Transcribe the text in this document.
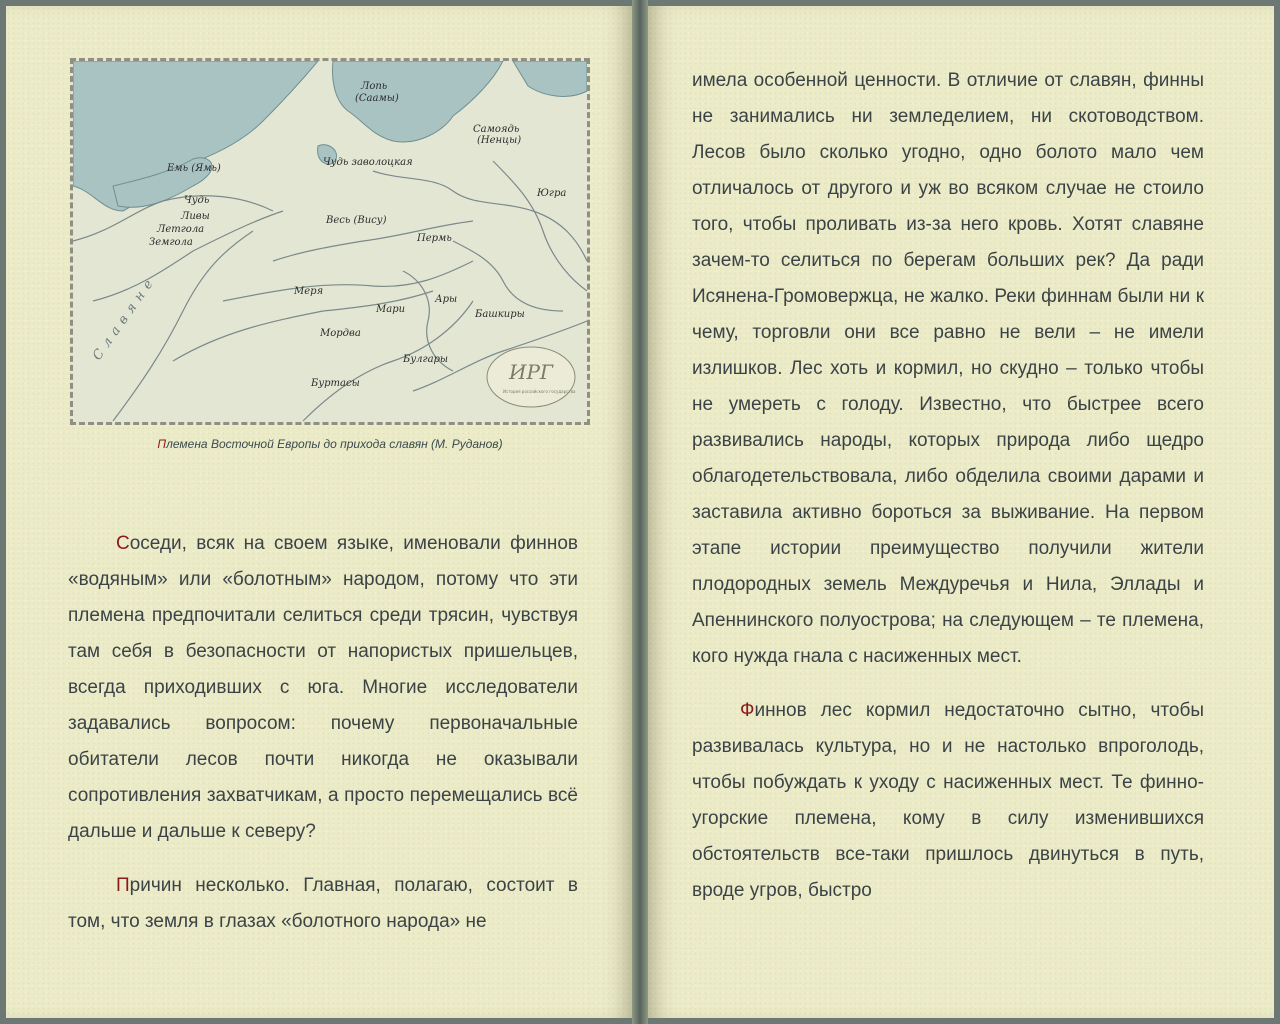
Лопь
(Саамы)
Самоядь
(Ненцы)
Емь (Ямь)
Чудь заволоцкая
Чудь
Югра
Ливы
Летгола
Земгола
Весь (Вису)
Пермь
Меря
Мари
Ары
Башкиры
Мордва
Булгары
Буртасы
Славяне
ИРГ
История российского государства
Племена Восточной Европы до прихода славян (М. Руданов)

Соседи, всяк на своем языке, именовали финнов «водяным» или «болотным» народом, потому что эти племена предпочитали селиться среди трясин, чувствуя там себя в безопасности от напористых пришельцев, всегда приходивших с юга. Многие исследователи задавались вопросом: почему первоначальные обитатели лесов почти никогда не оказывали сопротивления захватчикам, а просто перемещались всё дальше и дальше к северу?

Причин несколько. Главная, полагаю, состоит в том, что земля в глазах «болотного народа» не

имела особенной ценности. В отличие от славян, финны не занимались ни земледелием, ни скотоводством. Лесов было сколько угодно, одно болото мало чем отличалось от другого и уж во всяком случае не стоило того, чтобы проливать из-за него кровь. Хотят славяне зачем-то селиться по берегам больших рек? Да ради Исянена-Громовержца, не жалко. Реки финнам были ни к чему, торговли они все равно не вели – не имели излишков. Лес хоть и кормил, но скудно – только чтобы не умереть с голоду. Известно, что быстрее всего развивались народы, которых природа либо щедро облагодетельствовала, либо обделила своими дарами и заставила активно бороться за выживание. На первом этапе истории преимущество получили жители плодородных земель Междуречья и Нила, Эллады и Апеннинского полуострова; на следующем – те племена, кого нужда гнала с насиженных мест.

Финнов лес кормил недостаточно сытно, чтобы развивалась культура, но и не настолько впроголодь, чтобы побуждать к уходу с насиженных мест. Те финно-угорские племена, кому в силу изменившихся обстоятельств все-таки пришлось двинуться в путь, вроде угров, быстро
